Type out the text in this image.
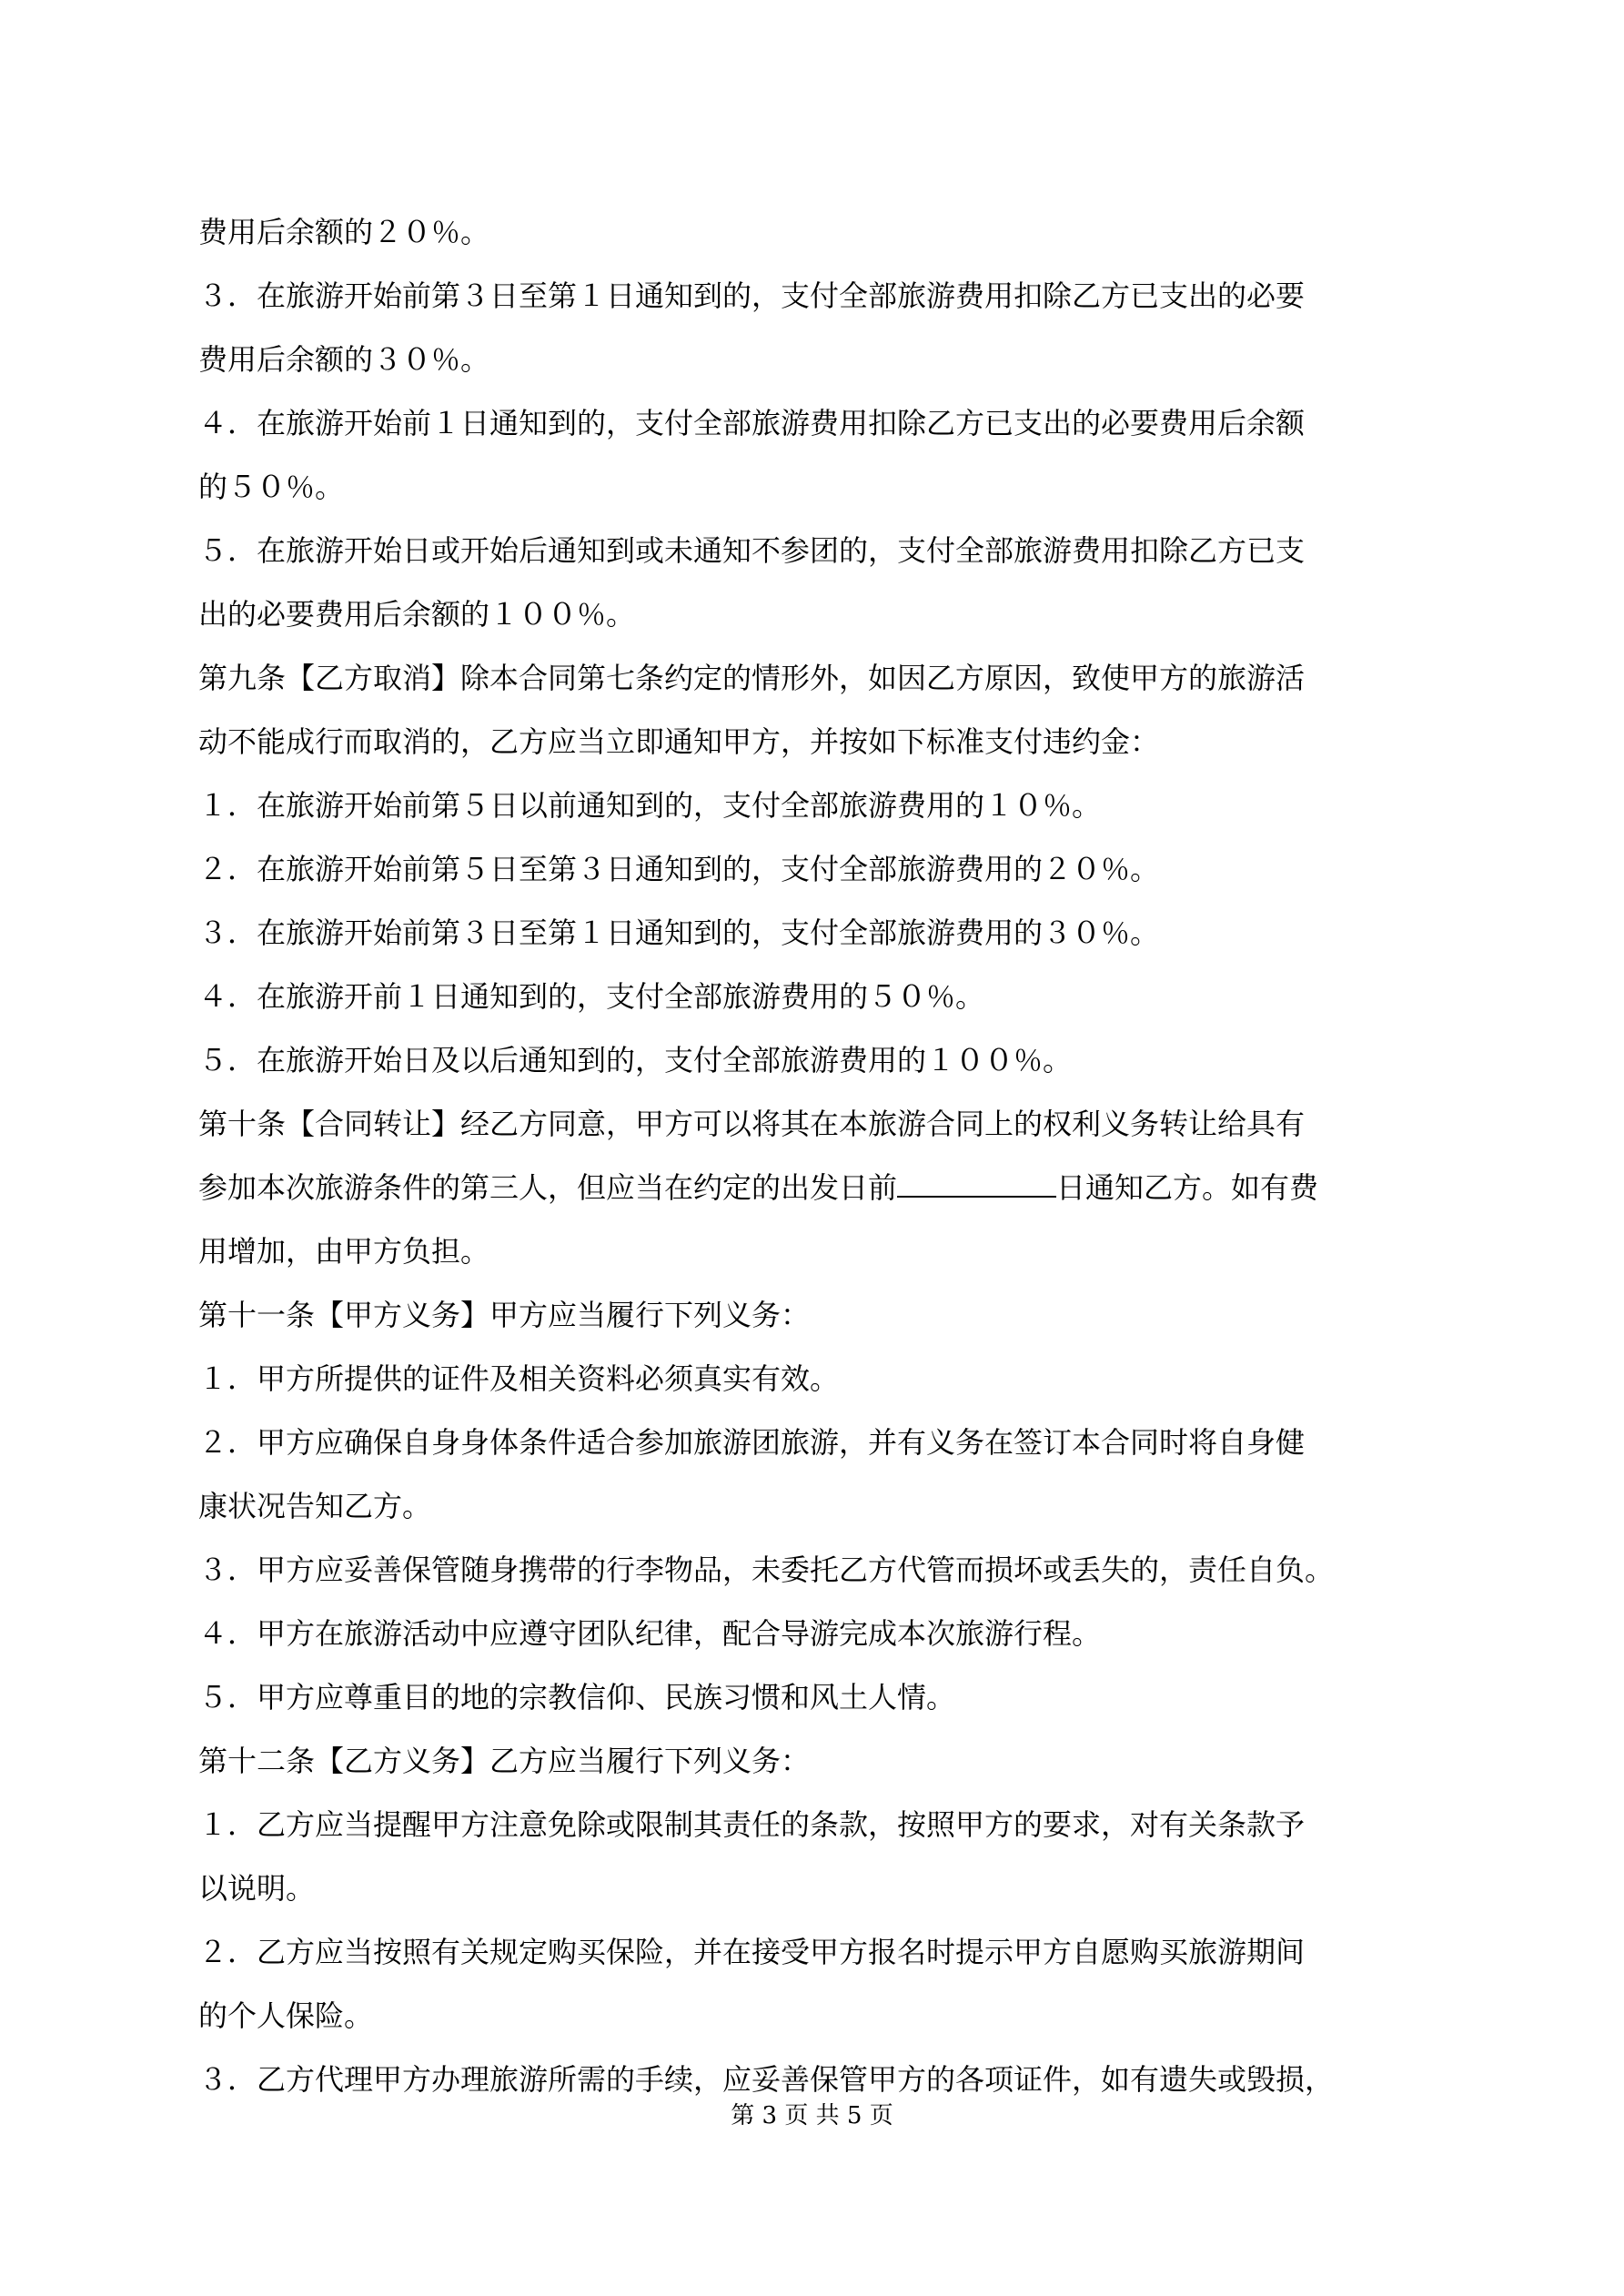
费用后余额的２０％。

３．在旅游开始前第３日至第１日通知到的，支付全部旅游费用扣除乙方已支出的必要

费用后余额的３０％。

４．在旅游开始前１日通知到的，支付全部旅游费用扣除乙方已支出的必要费用后余额

的５０％。

５．在旅游开始日或开始后通知到或未通知不参团的，支付全部旅游费用扣除乙方已支

出的必要费用后余额的１００％。

第九条【乙方取消】除本合同第七条约定的情形外，如因乙方原因，致使甲方的旅游活

动不能成行而取消的，乙方应当立即通知甲方，并按如下标准支付违约金：

１．在旅游开始前第５日以前通知到的，支付全部旅游费用的１０％。

２．在旅游开始前第５日至第３日通知到的，支付全部旅游费用的２０％。

３．在旅游开始前第３日至第１日通知到的，支付全部旅游费用的３０％。

４．在旅游开前１日通知到的，支付全部旅游费用的５０％。

５．在旅游开始日及以后通知到的，支付全部旅游费用的１００％。

第十条【合同转让】经乙方同意，甲方可以将其在本旅游合同上的权利义务转让给具有

参加本次旅游条件的第三人，但应当在约定的出发日前	日通知乙方。如有费

用增加，由甲方负担。

第十一条【甲方义务】甲方应当履行下列义务：

１．甲方所提供的证件及相关资料必须真实有效。

２．甲方应确保自身身体条件适合参加旅游团旅游，并有义务在签订本合同时将自身健

康状况告知乙方。

３．甲方应妥善保管随身携带的行李物品，未委托乙方代管而损坏或丢失的，责任自负。

４．甲方在旅游活动中应遵守团队纪律，配合导游完成本次旅游行程。

５．甲方应尊重目的地的宗教信仰、民族习惯和风土人情。

第十二条【乙方义务】乙方应当履行下列义务：

１．乙方应当提醒甲方注意免除或限制其责任的条款，按照甲方的要求，对有关条款予

以说明。

２．乙方应当按照有关规定购买保险，并在接受甲方报名时提示甲方自愿购买旅游期间

的个人保险。

３．乙方代理甲方办理旅游所需的手续，应妥善保管甲方的各项证件，如有遗失或毁损，

第 3 页 共 5 页
